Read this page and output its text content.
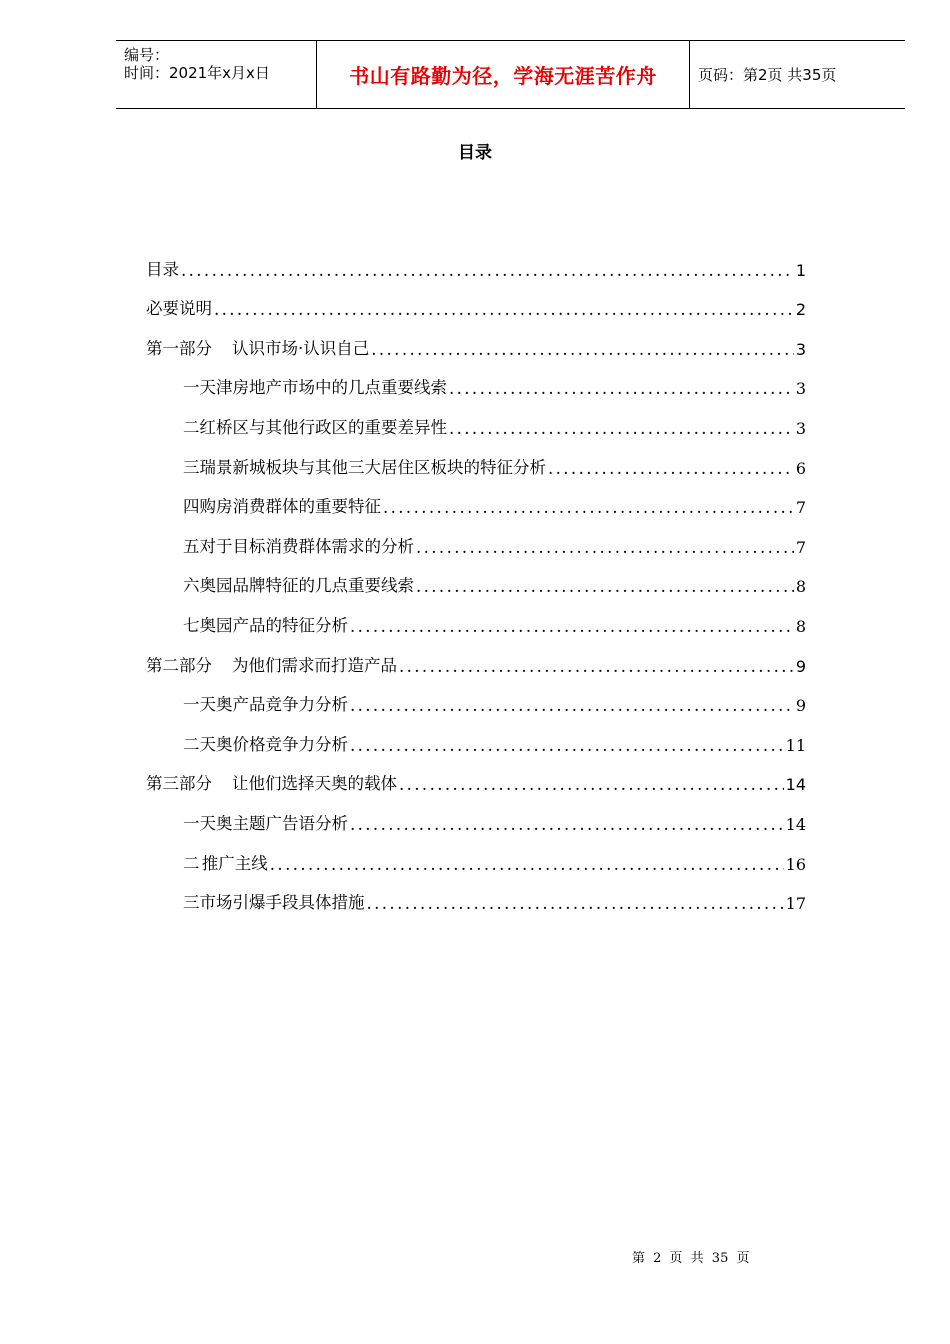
编号：
时间：2021年x月x日	书山有路勤为径，学海无涯苦作舟	页码：第2页 共35页
目录
目录 .....	1
必要说明 .....	2
第一部分 认识市场·认识自己 .....	3
一 天津房地产市场中的几点重要线索 .....	3
二 红桥区与其他行政区的重要差异性 .....	3
三 瑞景新城板块与其他三大居住区板块的特征分析 .....	6
四 购房消费群体的重要特征 .....	7
五 对于目标消费群体需求的分析 .....	7
六 奥园品牌特征的几点重要线索 .....	8
七 奥园产品的特征分析 .....	8
第二部分 为他们需求而打造产品 .....	9
一 天奥产品竞争力分析 .....	9
二 天奥价格竞争力分析 .....	11
第三部分 让他们选择天奥的载体 .....	14
一 天奥主题广告语分析 .....	14
二 推广主线 .....	16
三 市场引爆手段具体措施 .....	17
第 2 页 共 35 页
